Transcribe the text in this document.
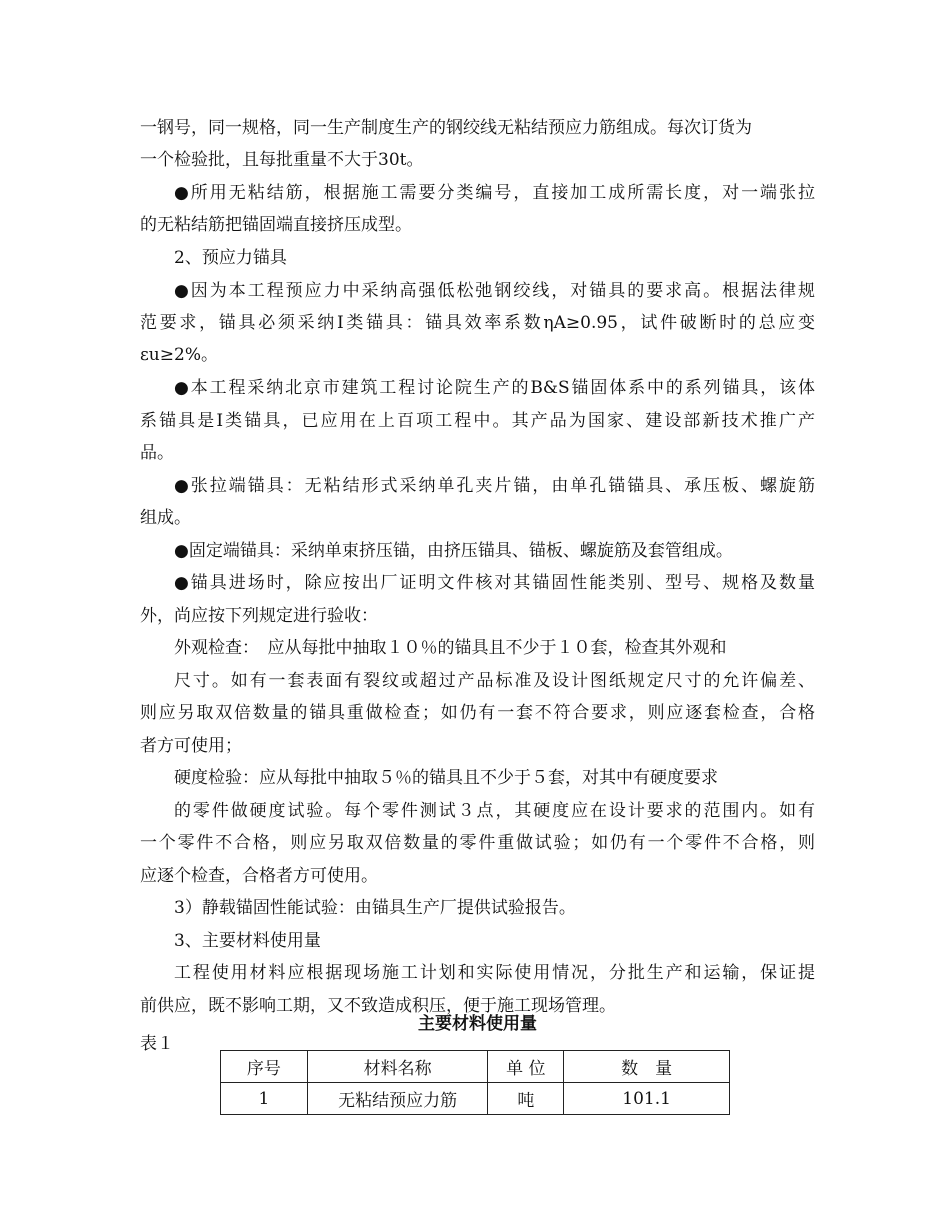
一钢号，同一规格，同一生产制度生产的钢绞线无粘结预应力筋组成。每次订货为
一个检验批，且每批重量不大于30t。
●所用无粘结筋，根据施工需要分类编号，直接加工成所需长度，对一端张拉
的无粘结筋把锚固端直接挤压成型。
2、预应力锚具
●因为本工程预应力中采纳高强低松弛钢绞线，对锚具的要求高。根据法律规
范要求，锚具必须采纳Ⅰ类锚具：锚具效率系数ηA≥0.95，试件破断时的总应变
εu≥2%。
●本工程采纳北京市建筑工程讨论院生产的B&S锚固体系中的系列锚具，该体
系锚具是Ⅰ类锚具，已应用在上百项工程中。其产品为国家、建设部新技术推广产
品。
●张拉端锚具：无粘结形式采纳单孔夹片锚，由单孔锚锚具、承压板、螺旋筋
组成。
●固定端锚具：采纳单束挤压锚，由挤压锚具、锚板、螺旋筋及套管组成。
●锚具进场时，除应按出厂证明文件核对其锚固性能类别、型号、规格及数量
外，尚应按下列规定进行验收：
外观检查：　应从每批中抽取１０％的锚具且不少于１０套，检查其外观和
尺寸。如有一套表面有裂纹或超过产品标准及设计图纸规定尺寸的允许偏差、
则应另取双倍数量的锚具重做检查；如仍有一套不符合要求，则应逐套检查，合格
者方可使用；
硬度检验：应从每批中抽取５％的锚具且不少于５套，对其中有硬度要求
的零件做硬度试验。每个零件测试３点，其硬度应在设计要求的范围内。如有
一个零件不合格，则应另取双倍数量的零件重做试验；如仍有一个零件不合格，则
应逐个检查，合格者方可使用。
3）静载锚固性能试验：由锚具生产厂提供试验报告。
3、主要材料使用量
工程使用材料应根据现场施工计划和实际使用情况，分批生产和运输，保证提
前供应，既不影响工期，又不致造成积压，便于施工现场管理。
主要材料使用量
表１
序号	材料名称	单 位	数　量
1	无粘结预应力筋	吨	101.1
